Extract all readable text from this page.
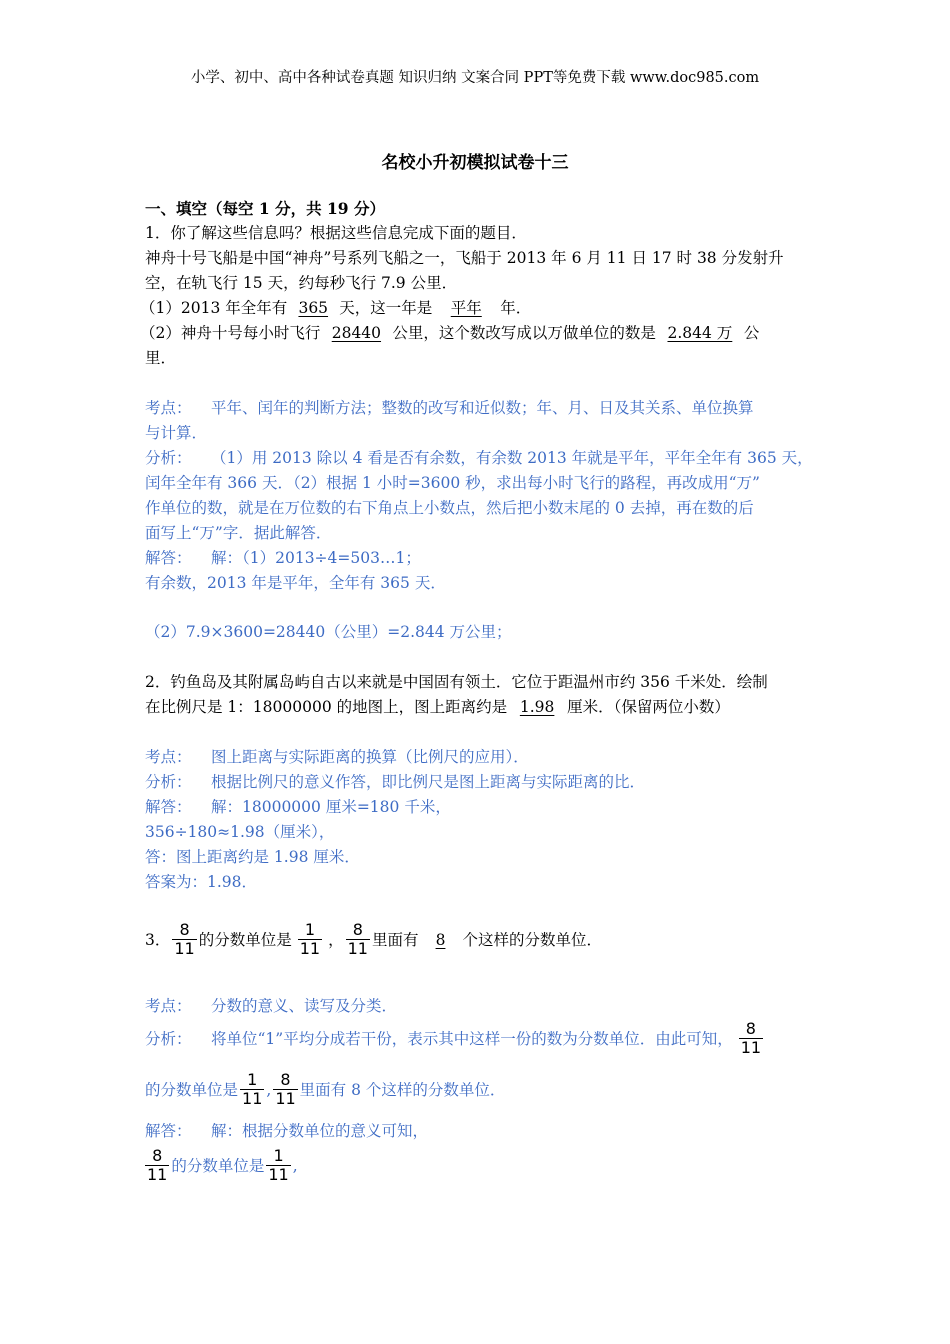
小学、初中、高中各种试卷真题 知识归纳 文案合同 PPT等免费下载 www.doc985.com
名校小升初模拟试卷十三
一、填空（每空 1 分，共 19 分）
1．你了解这些信息吗？根据这些信息完成下面的题目．
神舟十号飞船是中国“神舟”号系列飞船之一，飞船于 2013 年 6 月 11 日 17 时 38 分发射升
空，在轨飞行 15 天，约每秒飞行 7.9 公里．
（1）2013 年全年有 365 天，这一年是 平年 年．
（2）神舟十号每小时飞行 28440 公里，这个数改写成以万做单位的数是 2.844 万 公
里．
考点： 平年、闰年的判断方法；整数的改写和近似数；年、月、日及其关系、单位换算
与计算．
分析： （1）用 2013 除以 4 看是否有余数，有余数 2013 年就是平年，平年全年有 365 天，
闰年全年有 366 天．（2）根据 1 小时=3600 秒，求出每小时飞行的路程，再改成用“万”
作单位的数，就是在万位数的右下角点上小数点，然后把小数末尾的 0 去掉，再在数的后
面写上“万”字．据此解答．
解答： 解：（1）2013÷4=503…1；
有余数，2013 年是平年，全年有 365 天．
（2）7.9×3600=28440（公里）=2.844 万公里；
2．钓鱼岛及其附属岛屿自古以来就是中国固有领土．它位于距温州市约 356 千米处．绘制
在比例尺是 1：18000000 的地图上，图上距离约是 1.98 厘米．（保留两位小数）
考点： 图上距离与实际距离的换算（比例尺的应用）．
分析： 根据比例尺的意义作答，即比例尺是图上距离与实际距离的比．
解答： 解：18000000 厘米=180 千米，
356÷180≈1.98（厘米），
答：图上距离约是 1.98 厘米．
答案为：1.98．
3． $\frac{8}{11}$ 的分数单位是 $\frac{1}{11}$ ， $\frac{8}{11}$ 里面有	8	个这样的分数单位．
考点： 分数的意义、读写及分类．
分析：	将单位“1”平均分成若干份，表示其中这样一份的数为分数单位．由此可知， $\frac{8}{11}$
的分数单位是 $\frac{1}{11}$ , $\frac{8}{11}$ 里面有 8 个这样的分数单位．
解答： 解：根据分数单位的意义可知，
$\frac{8}{11}$ 的分数单位是 $\frac{1}{11}$ ,
